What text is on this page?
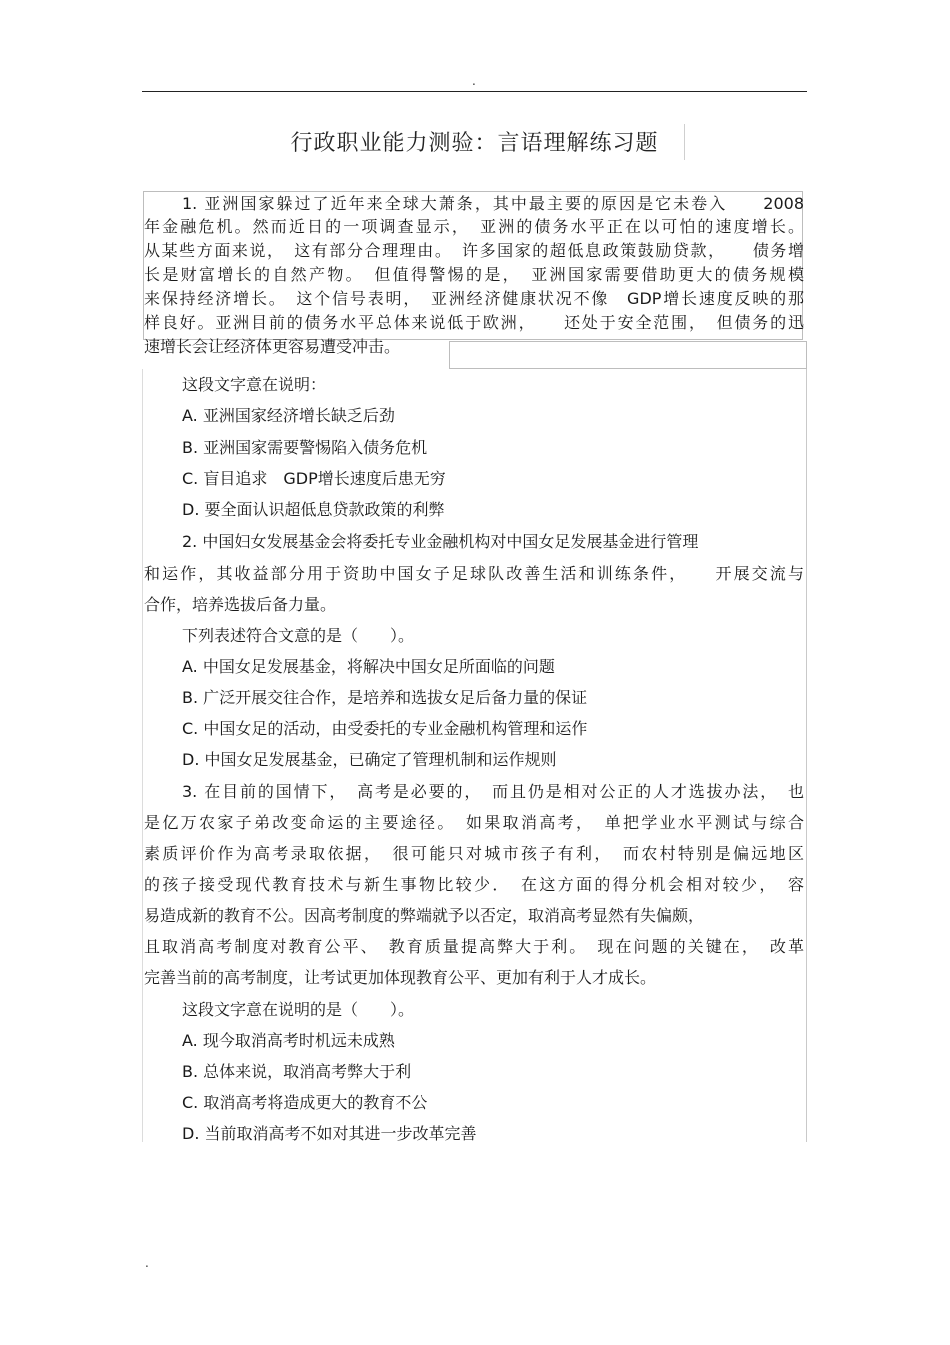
.
行政职业能力测验：言语理解练习题
1. 亚洲国家躲过了近年来全球大萧条，其中最主要的原因是它未卷入　　2008
年金融危机。然而近日的一项调查显示，　亚洲的债务水平正在以可怕的速度增长。
从某些方面来说，　这有部分合理理由。　许多国家的超低息政策鼓励贷款，　　债务增
长是财富增长的自然产物。　但值得警惕的是，　亚洲国家需要借助更大的债务规模
来保持经济增长。　这个信号表明，　亚洲经济健康状况不像　GDP增长速度反映的那
样良好。亚洲目前的债务水平总体来说低于欧洲，　　还处于安全范围，　但债务的迅
速增长会让经济体更容易遭受冲击。
这段文字意在说明：
A. 亚洲国家经济增长缺乏后劲
B. 亚洲国家需要警惕陷入债务危机
C. 盲目追求　GDP增长速度后患无穷
D. 要全面认识超低息贷款政策的利弊
2. 中国妇女发展基金会将委托专业金融机构对中国女足发展基金进行管理
和运作，其收益部分用于资助中国女子足球队改善生活和训练条件，　　开展交流与
合作，培养选拔后备力量。
下列表述符合文意的是（　　）。
A. 中国女足发展基金，将解决中国女足所面临的问题
B. 广泛开展交往合作，是培养和选拔女足后备力量的保证
C. 中国女足的活动，由受委托的专业金融机构管理和运作
D. 中国女足发展基金，已确定了管理机制和运作规则
3. 在目前的国情下，　高考是必要的，　而且仍是相对公正的人才选拔办法，　也
是亿万农家子弟改变命运的主要途径。　如果取消高考，　单把学业水平测试与综合
素质评价作为高考录取依据，　很可能只对城市孩子有利，　而农村特别是偏远地区
的孩子接受现代教育技术与新生事物比较少．　在这方面的得分机会相对较少，　容
易造成新的教育不公。因高考制度的弊端就予以否定，取消高考显然有失偏颇，
且取消高考制度对教育公平、　教育质量提高弊大于利。　现在问题的关键在，　改革
完善当前的高考制度，让考试更加体现教育公平、更加有利于人才成长。
这段文字意在说明的是（　　）。
A. 现今取消高考时机远未成熟
B. 总体来说，取消高考弊大于利
C. 取消高考将造成更大的教育不公
D. 当前取消高考不如对其进一步改革完善
.
